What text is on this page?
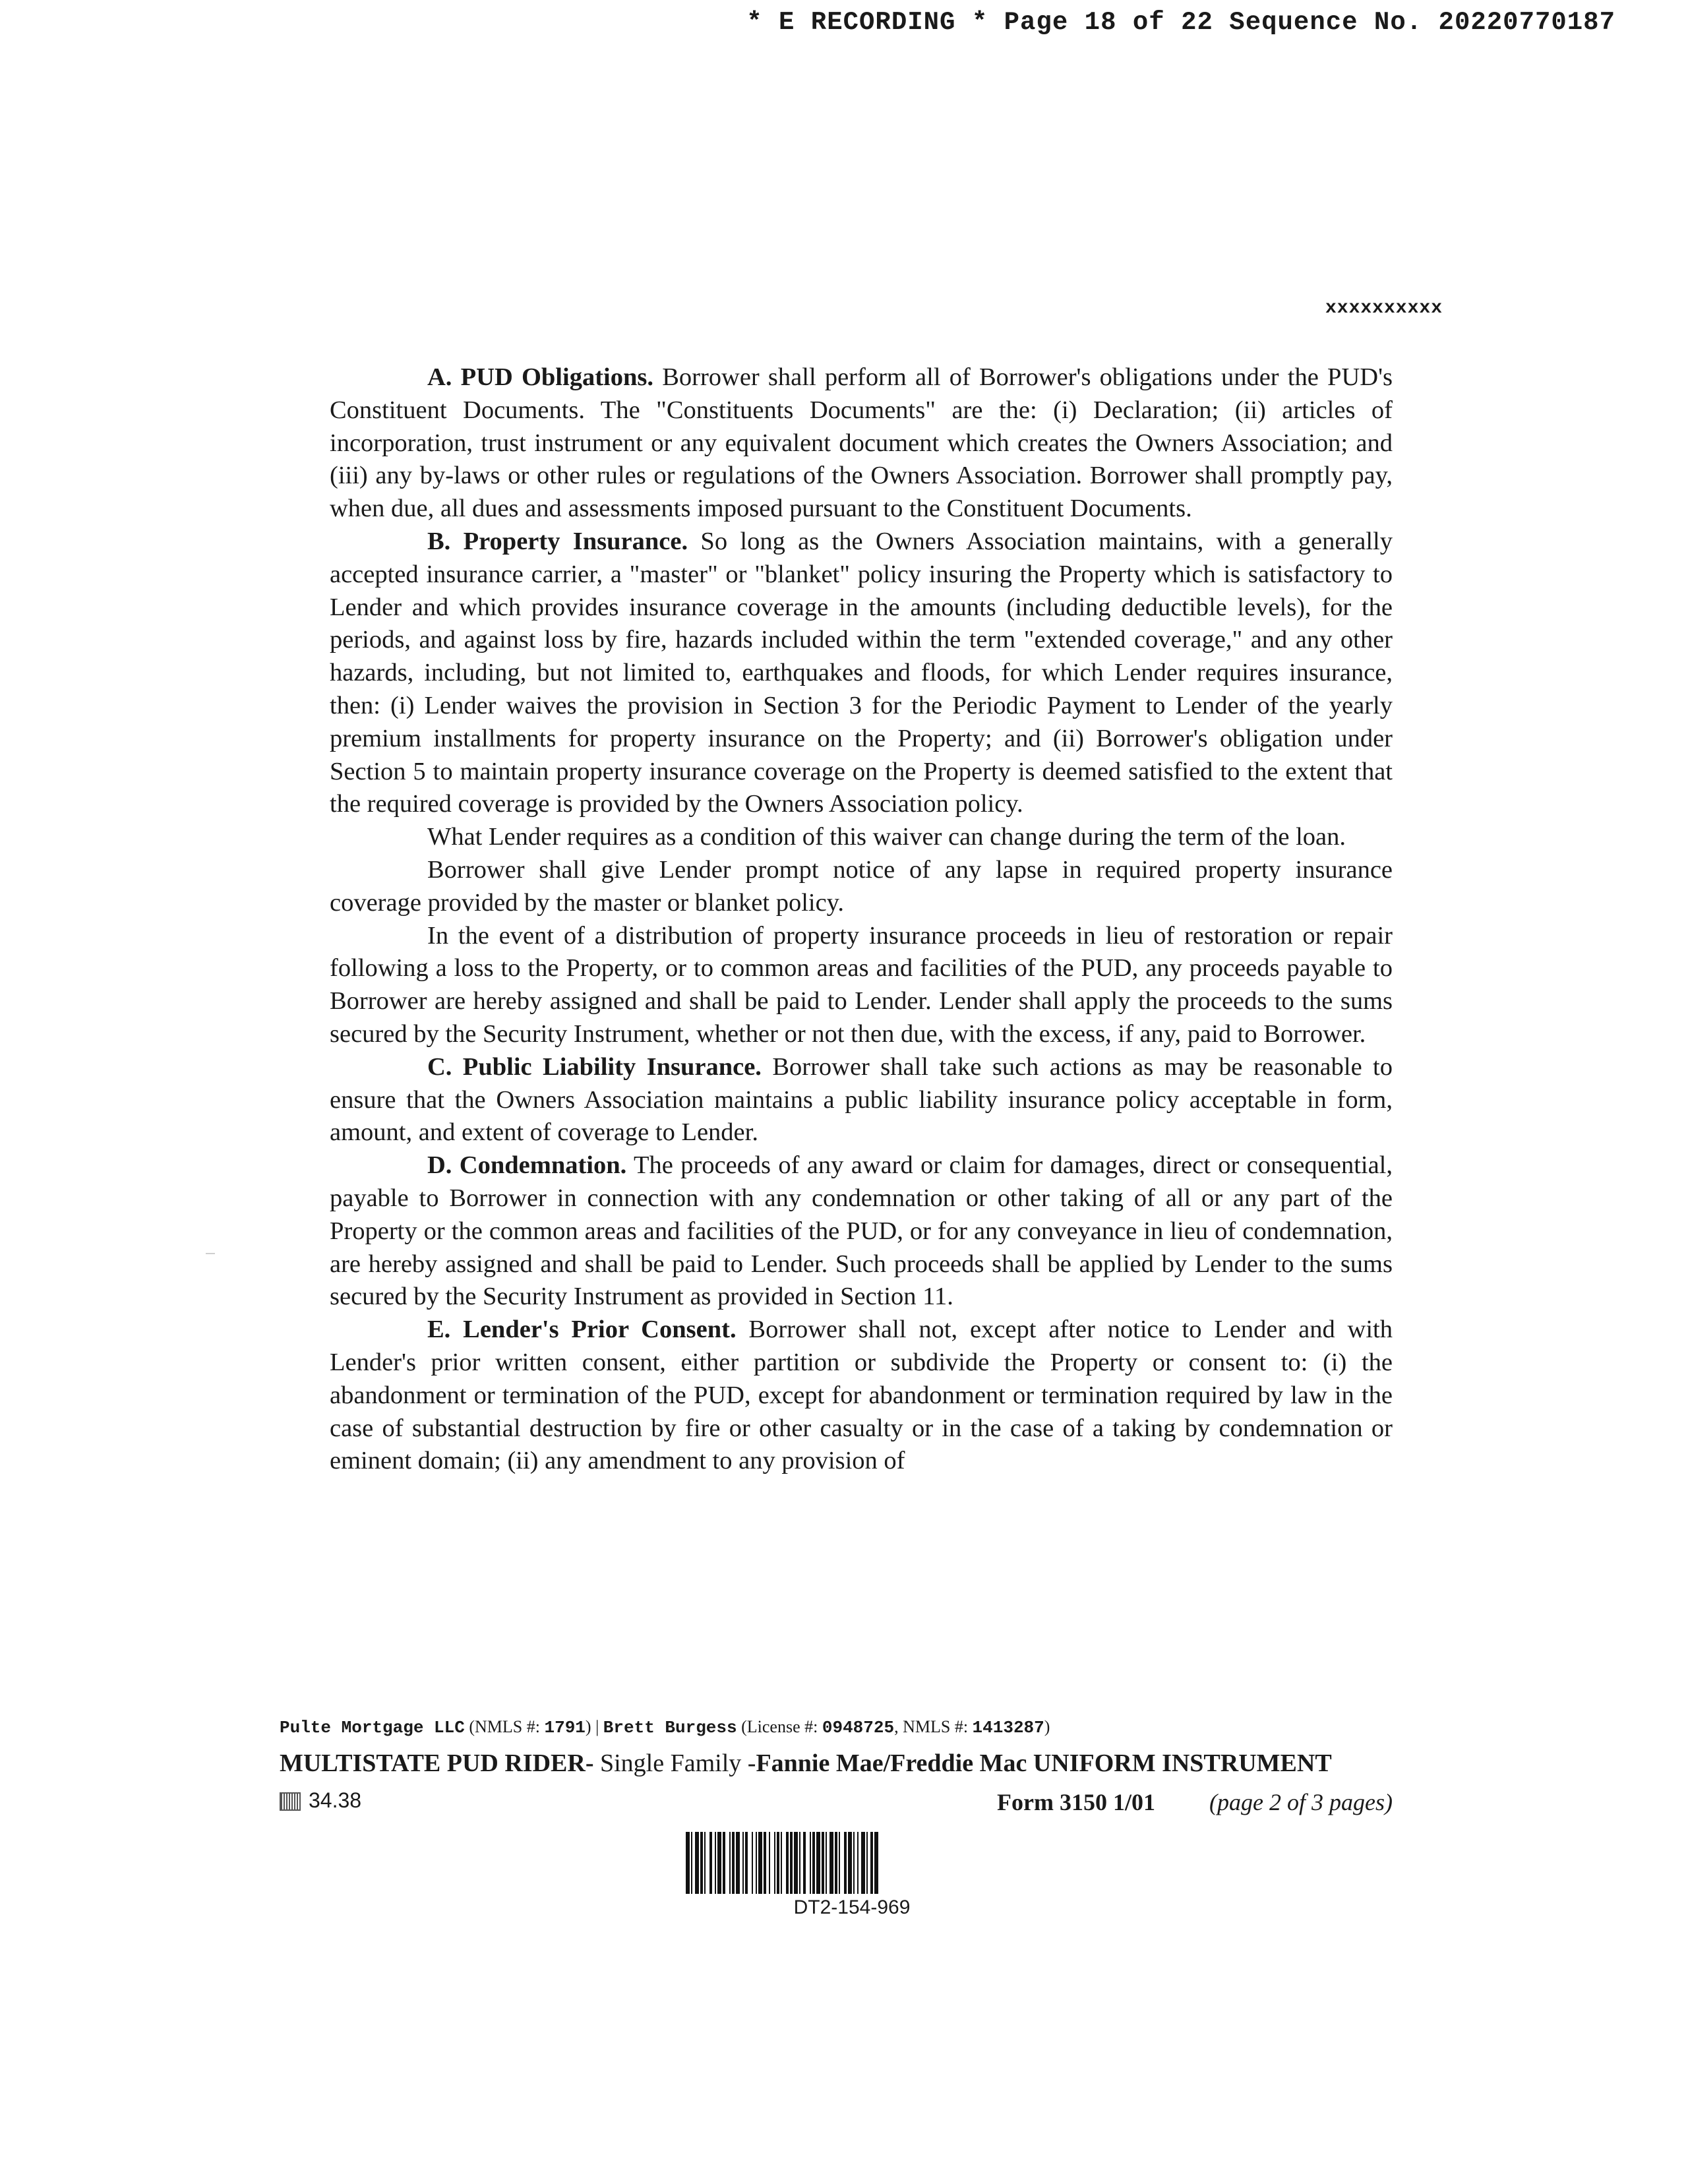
* E RECORDING * Page 18 of 22 Sequence No. 20220770187
xxxxxxxxxx

A. PUD Obligations. Borrower shall perform all of Borrower's obligations under the PUD's Constituent Documents. The "Constituents Documents" are the: (i) Declaration; (ii) articles of incorporation, trust instrument or any equivalent document which creates the Owners Association; and (iii) any by-laws or other rules or regulations of the Owners Association. Borrower shall promptly pay, when due, all dues and assessments imposed pursuant to the Constituent Documents.

B. Property Insurance. So long as the Owners Association maintains, with a generally accepted insurance carrier, a "master" or "blanket" policy insuring the Property which is satisfactory to Lender and which provides insurance coverage in the amounts (including deductible levels), for the periods, and against loss by fire, hazards included within the term "extended coverage," and any other hazards, including, but not limited to, earthquakes and floods, for which Lender requires insurance, then: (i) Lender waives the provision in Section 3 for the Periodic Payment to Lender of the yearly premium installments for property insurance on the Property; and (ii) Borrower's obligation under Section 5 to maintain property insurance coverage on the Property is deemed satisfied to the extent that the required coverage is provided by the Owners Association policy.

What Lender requires as a condition of this waiver can change during the term of the loan.

Borrower shall give Lender prompt notice of any lapse in required property insurance coverage provided by the master or blanket policy.

In the event of a distribution of property insurance proceeds in lieu of restoration or repair following a loss to the Property, or to common areas and facilities of the PUD, any proceeds payable to Borrower are hereby assigned and shall be paid to Lender. Lender shall apply the proceeds to the sums secured by the Security Instrument, whether or not then due, with the excess, if any, paid to Borrower.

C. Public Liability Insurance. Borrower shall take such actions as may be reasonable to ensure that the Owners Association maintains a public liability insurance policy acceptable in form, amount, and extent of coverage to Lender.

D. Condemnation. The proceeds of any award or claim for damages, direct or consequential, payable to Borrower in connection with any condemnation or other taking of all or any part of the Property or the common areas and facilities of the PUD, or for any conveyance in lieu of condemnation, are hereby assigned and shall be paid to Lender. Such proceeds shall be applied by Lender to the sums secured by the Security Instrument as provided in Section 11.

E. Lender's Prior Consent. Borrower shall not, except after notice to Lender and with Lender's prior written consent, either partition or subdivide the Property or consent to: (i) the abandonment or termination of the PUD, except for abandonment or termination required by law in the case of substantial destruction by fire or other casualty or in the case of a taking by condemnation or eminent domain; (ii) any amendment to any provision of

Pulte Mortgage LLC (NMLS #: 1791) | Brett Burgess (License #: 0948725, NMLS #: 1413287)
MULTISTATE PUD RIDER- Single Family -Fannie Mae/Freddie Mac UNIFORM INSTRUMENT
34.38	Form 3150 1/01 (page 2 of 3 pages)
DT2-154-969
